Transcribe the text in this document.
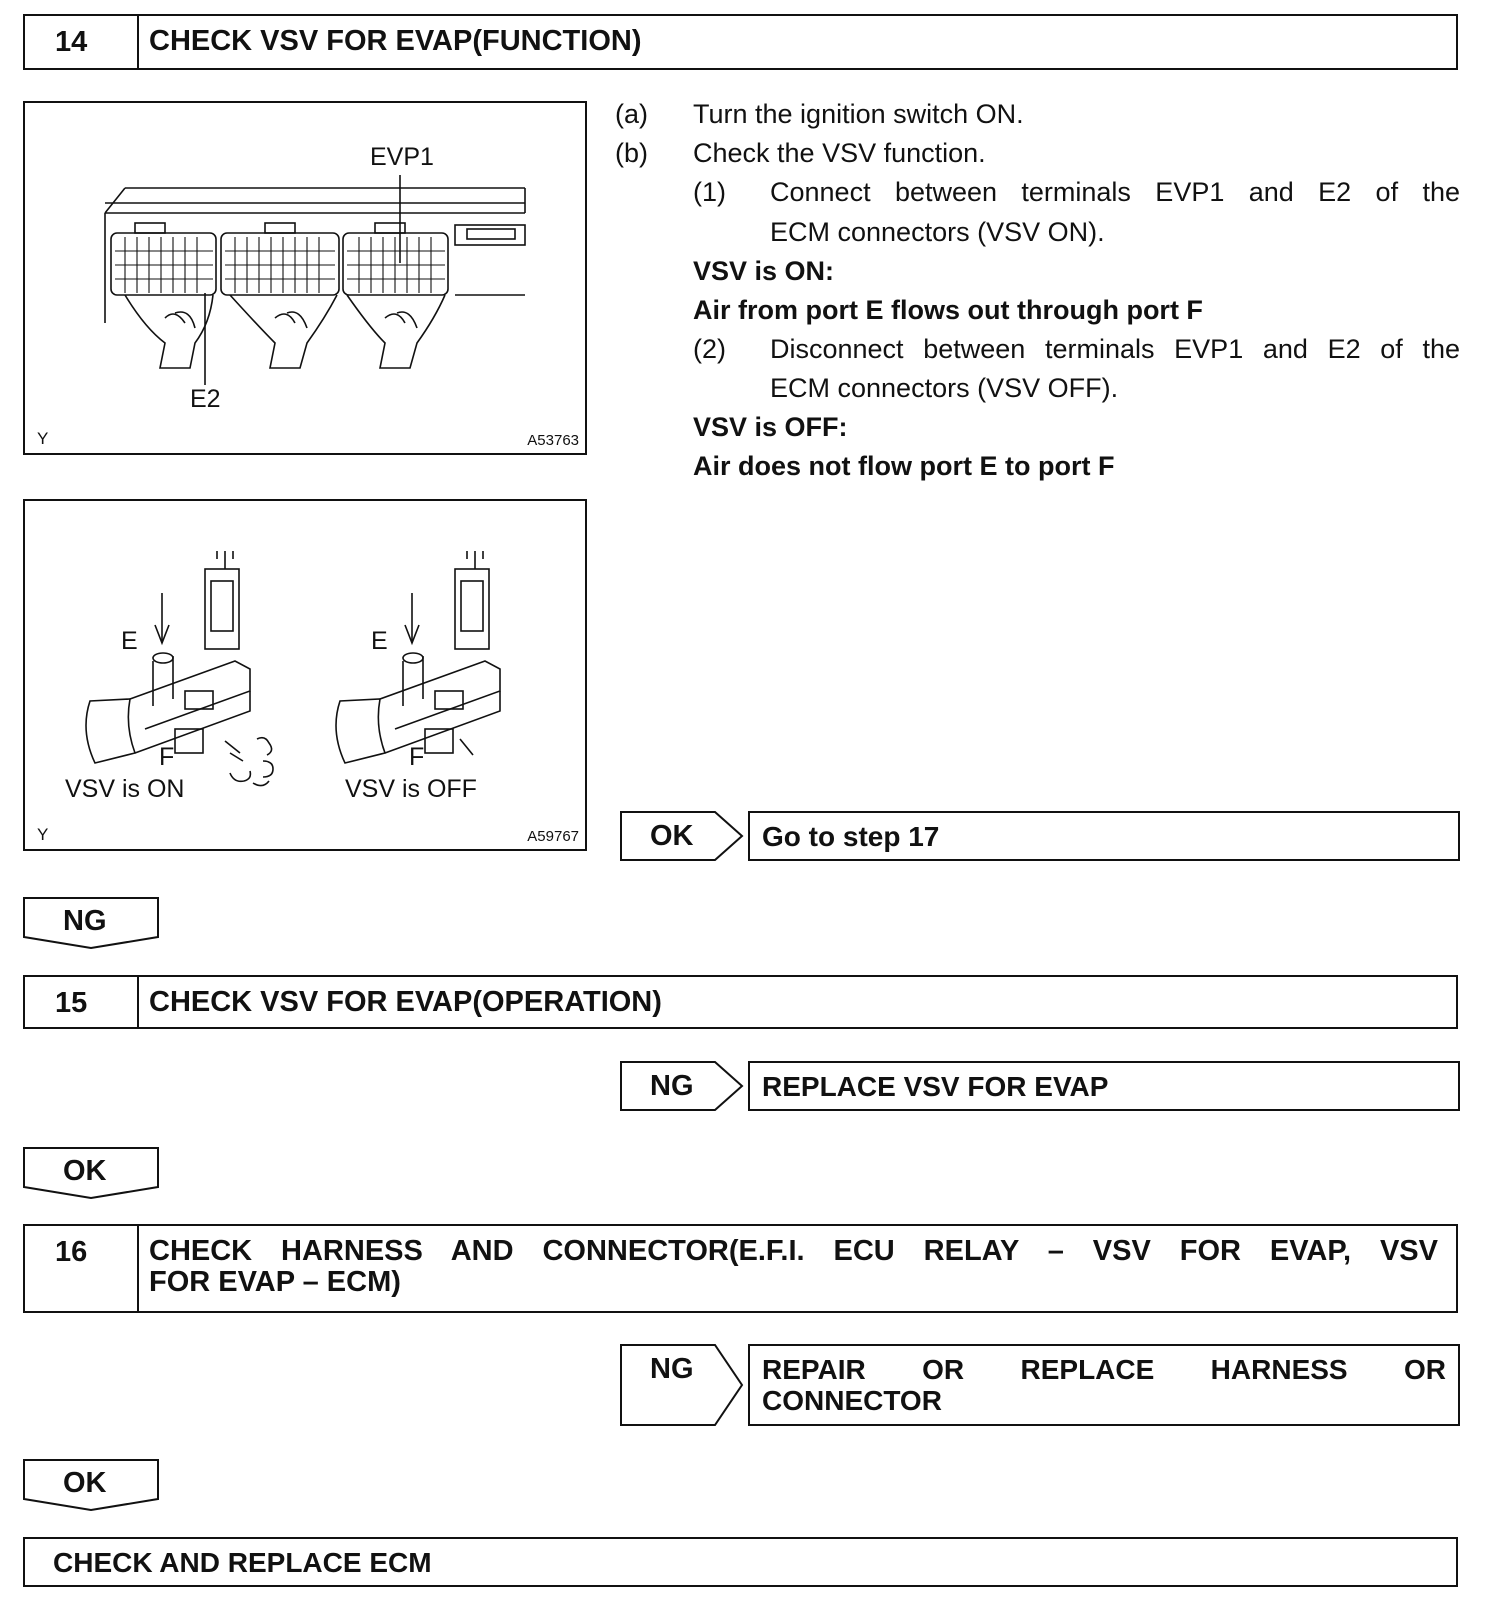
14 CHECK VSV FOR EVAP(FUNCTION)
EVP1
E2
Y	A53763
E
F
VSV is ON
E
F
VSV is OFF
Y	A59767
(a) Turn the ignition switch ON.
(b) Check the VSV function.
(1) Connect between terminals EVP1 and E2 of the
ECM connectors (VSV ON).
VSV is ON:
Air from port E flows out through port F
(2) Disconnect between terminals EVP1 and E2 of the
ECM connectors (VSV OFF).
VSV is OFF:
Air does not flow port E to port F
OK Go to step 17
NG
15 CHECK VSV FOR EVAP(OPERATION)
NG REPLACE VSV FOR EVAP
OK
16 CHECK HARNESS AND CONNECTOR(E.F.I. ECU RELAY – VSV FOR EVAP, VSV
FOR EVAP – ECM)
NG REPAIR OR REPLACE HARNESS OR
CONNECTOR
OK
CHECK AND REPLACE ECM
